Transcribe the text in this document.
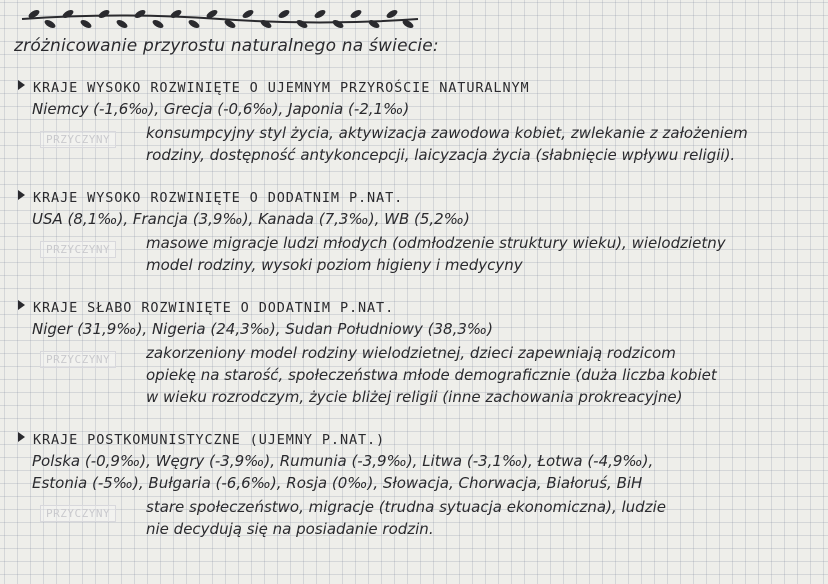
zróżnicowanie przyrostu naturalnego na świecie:
KRAJE WYSOKO ROZWINIĘTE O UJEMNYM PRZYROŚCIE NATURALNYM
Niemcy (-1,6‰), Grecja (-0,6‰), Japonia (-2,1‰)
PRZYCZYNY	konsumpcyjny styl życia, aktywizacja zawodowa kobiet, zwlekanie z założeniem
rodziny, dostępność antykoncepcji, laicyzacja życia (słabnięcie wpływu religii).
KRAJE WYSOKO ROZWINIĘTE O DODATNIM P.NAT.
USA (8,1‰), Francja (3,9‰), Kanada (7,3‰), WB (5,2‰)
PRZYCZYNY	masowe migracje ludzi młodych (odmłodzenie struktury wieku), wielodzietny
model rodziny, wysoki poziom higieny i medycyny
KRAJE SŁABO ROZWINIĘTE O DODATNIM P.NAT.
Niger (31,9‰), Nigeria (24,3‰), Sudan Południowy (38,3‰)
PRZYCZYNY	zakorzeniony model rodziny wielodzietnej, dzieci zapewniają rodzicom
opiekę na starość, społeczeństwa młode demograficznie (duża liczba kobiet
w wieku rozrodczym, życie bliżej religii (inne zachowania prokreacyjne)
KRAJE POSTKOMUNISTYCZNE (UJEMNY P.NAT.)
Polska (-0,9‰), Węgry (-3,9‰), Rumunia (-3,9‰), Litwa (-3,1‰), Łotwa (-4,9‰),
Estonia (-5‰), Bułgaria (-6,6‰), Rosja (0‰), Słowacja, Chorwacja, Białoruś, BiH
PRZYCZYNY	stare społeczeństwo, migracje (trudna sytuacja ekonomiczna), ludzie
nie decydują się na posiadanie rodzin.
